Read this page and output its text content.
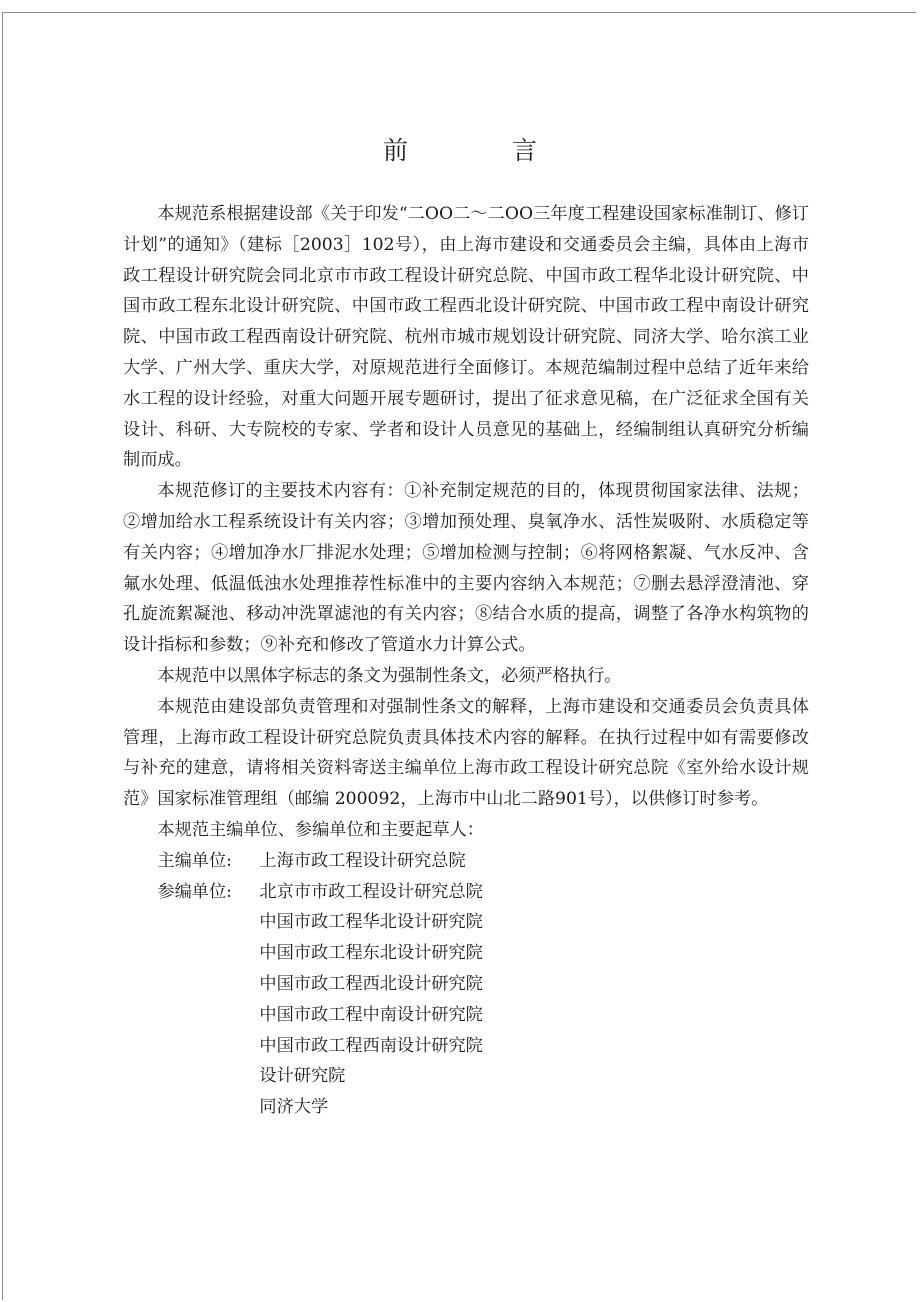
前 言

本规范系根据建设部《关于印发“二OO二～二OO三年度工程建设国家标准制订、修订计划”的通知》（建标［2003］102号），由上海市建设和交通委员会主编，具体由上海市政工程设计研究院会同北京市市政工程设计研究总院、中国市政工程华北设计研究院、中国市政工程东北设计研究院、中国市政工程西北设计研究院、中国市政工程中南设计研究院、中国市政工程西南设计研究院、杭州市城市规划设计研究院、同济大学、哈尔滨工业大学、广州大学、重庆大学，对原规范进行全面修订。本规范编制过程中总结了近年来给水工程的设计经验，对重大问题开展专题研讨，提出了征求意见稿，在广泛征求全国有关设计、科研、大专院校的专家、学者和设计人员意见的基础上，经编制组认真研究分析编制而成。

本规范修订的主要技术内容有：①补充制定规范的目的，体现贯彻国家法律、法规；②增加给水工程系统设计有关内容；③增加预处理、臭氧净水、活性炭吸附、水质稳定等有关内容；④增加净水厂排泥水处理；⑤增加检测与控制；⑥将网格絮凝、气水反冲、含氟水处理、低温低浊水处理推荐性标准中的主要内容纳入本规范；⑦删去悬浮澄清池、穿孔旋流絮凝池、移动冲洗罩滤池的有关内容；⑧结合水质的提高，调整了各净水构筑物的设计指标和参数；⑨补充和修改了管道水力计算公式。

本规范中以黑体字标志的条文为强制性条文，必须严格执行。

本规范由建设部负责管理和对强制性条文的解释，上海市建设和交通委员会负责具体管理，上海市政工程设计研究总院负责具体技术内容的解释。在执行过程中如有需要修改与补充的建意，请将相关资料寄送主编单位上海市政工程设计研究总院《室外给水设计规范》国家标准管理组（邮编 200092，上海市中山北二路901号），以供修订时参考。

本规范主编单位、参编单位和主要起草人：

主编单位:	上海市政工程设计研究总院
参编单位:	北京市市政工程设计研究总院
中国市政工程华北设计研究院
中国市政工程东北设计研究院
中国市政工程西北设计研究院
中国市政工程中南设计研究院
中国市政工程西南设计研究院
设计研究院
同济大学
